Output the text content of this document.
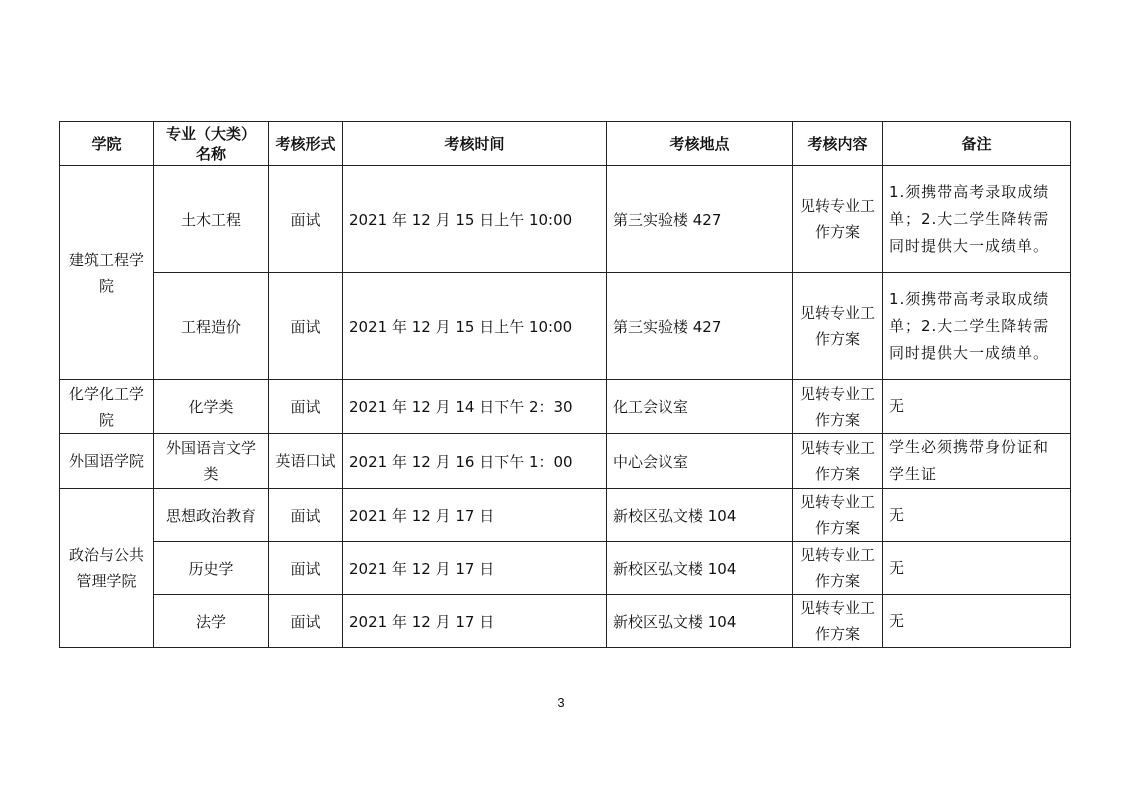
学院	专业（大类）名称	考核形式	考核时间	考核地点	考核内容	备注
建筑工程学院	土木工程	面试	2021 年 12 月 15 日上午 10:00	第三实验楼 427	见转专业工作方案	1.须携带高考录取成绩单；2.大二学生降转需同时提供大一成绩单。
	工程造价	面试	2021 年 12 月 15 日上午 10:00	第三实验楼 427	见转专业工作方案	1.须携带高考录取成绩单；2.大二学生降转需同时提供大一成绩单。
化学化工学院	化学类	面试	2021 年 12 月 14 日下午 2：30	化工会议室	见转专业工作方案	无
外国语学院	外国语言文学类	英语口试	2021 年 12 月 16 日下午 1：00	中心会议室	见转专业工作方案	学生必须携带身份证和学生证
政治与公共管理学院	思想政治教育	面试	2021 年 12 月 17 日	新校区弘文楼 104	见转专业工作方案	无
	历史学	面试	2021 年 12 月 17 日	新校区弘文楼 104	见转专业工作方案	无
	法学	面试	2021 年 12 月 17 日	新校区弘文楼 104	见转专业工作方案	无
3
